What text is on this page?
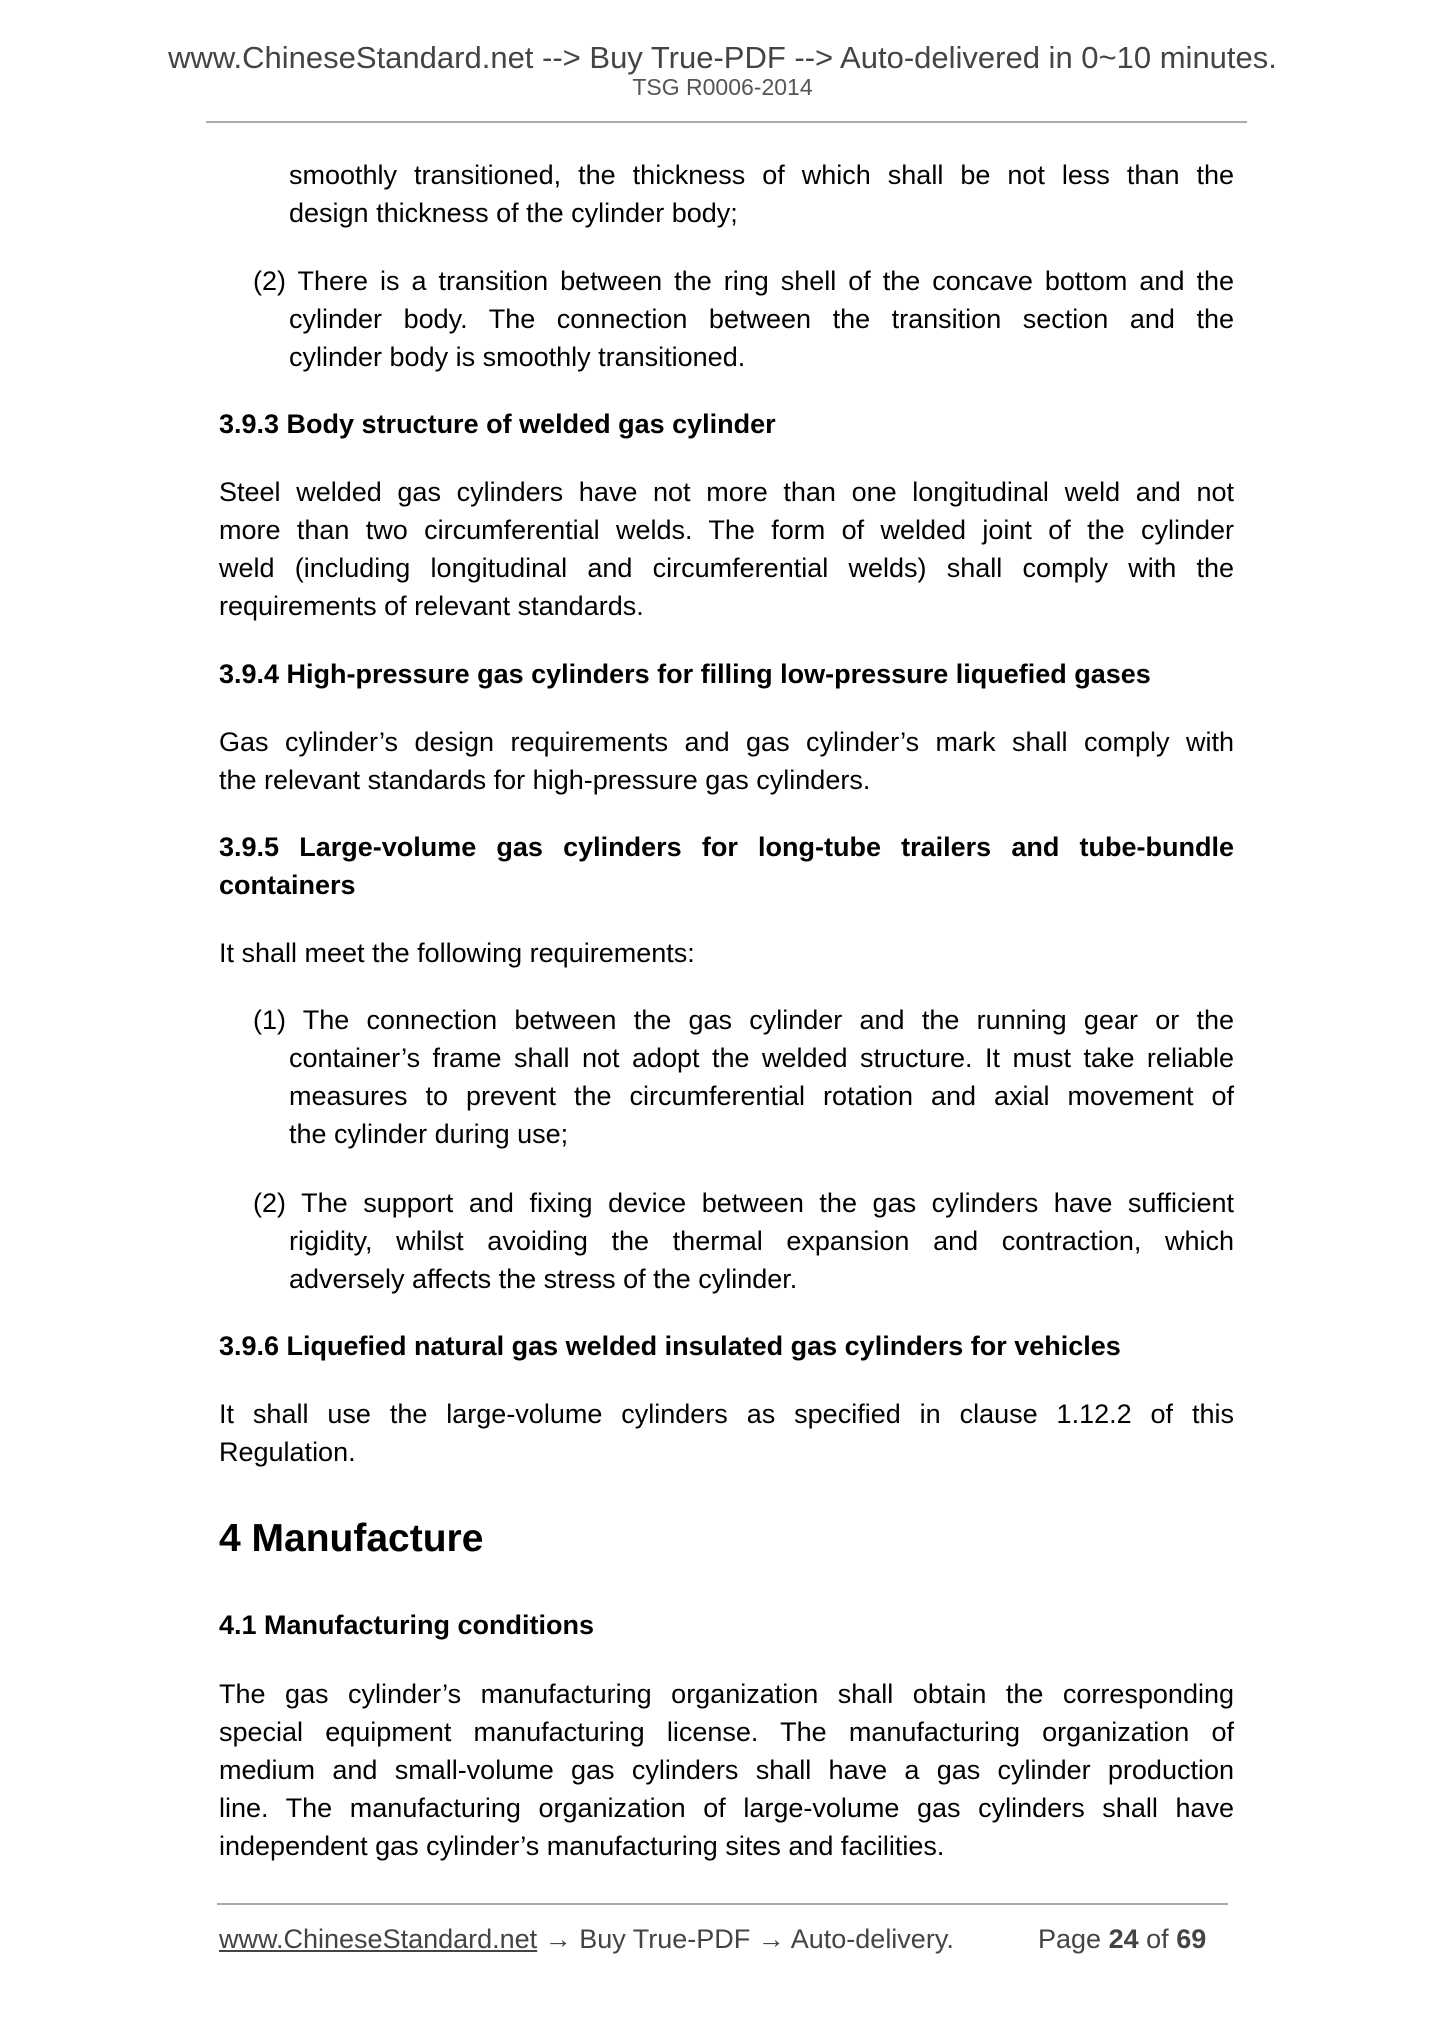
www.ChineseStandard.net --> Buy True-PDF --> Auto-delivered in 0~10 minutes.
TSG R0006-2014
smoothly transitioned, the thickness of which shall be not less than the
design thickness of the cylinder body;
(2) There is a transition between the ring shell of the concave bottom and the
cylinder body. The connection between the transition section and the
cylinder body is smoothly transitioned.
3.9.3 Body structure of welded gas cylinder
Steel welded gas cylinders have not more than one longitudinal weld and not
more than two circumferential welds. The form of welded joint of the cylinder
weld (including longitudinal and circumferential welds) shall comply with the
requirements of relevant standards.
3.9.4 High-pressure gas cylinders for filling low-pressure liquefied gases
Gas cylinder’s design requirements and gas cylinder’s mark shall comply with
the relevant standards for high-pressure gas cylinders.
3.9.5 Large-volume gas cylinders for long-tube trailers and tube-bundle
containers
It shall meet the following requirements:
(1) The connection between the gas cylinder and the running gear or the
container’s frame shall not adopt the welded structure. It must take reliable
measures to prevent the circumferential rotation and axial movement of
the cylinder during use;
(2) The support and fixing device between the gas cylinders have sufficient
rigidity, whilst avoiding the thermal expansion and contraction, which
adversely affects the stress of the cylinder.
3.9.6 Liquefied natural gas welded insulated gas cylinders for vehicles
It shall use the large-volume cylinders as specified in clause 1.12.2 of this
Regulation.
4.1 Manufacturing conditions
The gas cylinder’s manufacturing organization shall obtain the corresponding
special equipment manufacturing license. The manufacturing organization of
medium and small-volume gas cylinders shall have a gas cylinder production
line. The manufacturing organization of large-volume gas cylinders shall have
independent gas cylinder’s manufacturing sites and facilities.
4 Manufacture
www.ChineseStandard.net → Buy True-PDF → Auto-delivery.	Page 24 of 69
